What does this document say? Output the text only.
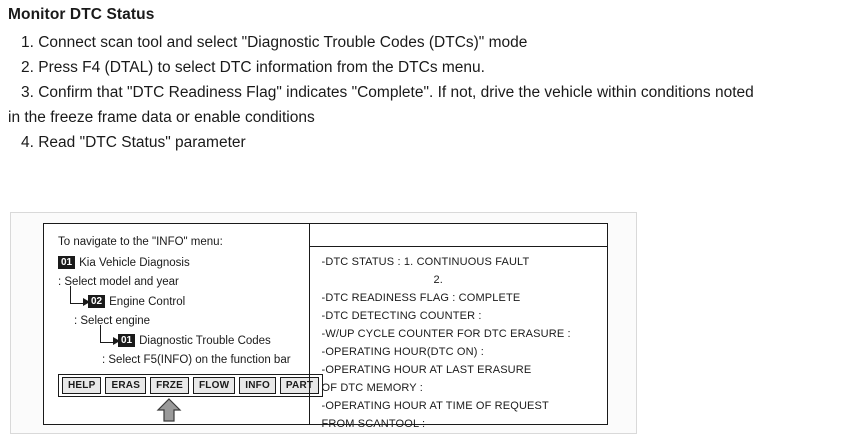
Monitor DTC Status
1. Connect scan tool and select "Diagnostic Trouble Codes (DTCs)" mode
2. Press F4 (DTAL) to select DTC information from the DTCs menu.
3. Confirm that "DTC Readiness Flag" indicates "Complete". If not, drive the vehicle within conditions noted
in the freeze frame data or enable conditions
4. Read "DTC Status" parameter
To navigate to the "INFO" menu:
01 Kia Vehicle Diagnosis
: Select model and year
02 Engine Control
: Select engine
01 Diagnostic Trouble Codes
: Select F5(INFO) on the function bar
HELP	ERAS	FRZE	FLOW	INFO	PART
-DTC STATUS : 1. CONTINUOUS FAULT
2.
-DTC READINESS FLAG : COMPLETE
-DTC DETECTING COUNTER :
-W/UP CYCLE COUNTER FOR DTC ERASURE :
-OPERATING HOUR(DTC ON) :
-OPERATING HOUR AT LAST ERASURE
OF DTC MEMORY :
-OPERATING HOUR AT TIME OF REQUEST
FROM SCANTOOL :
